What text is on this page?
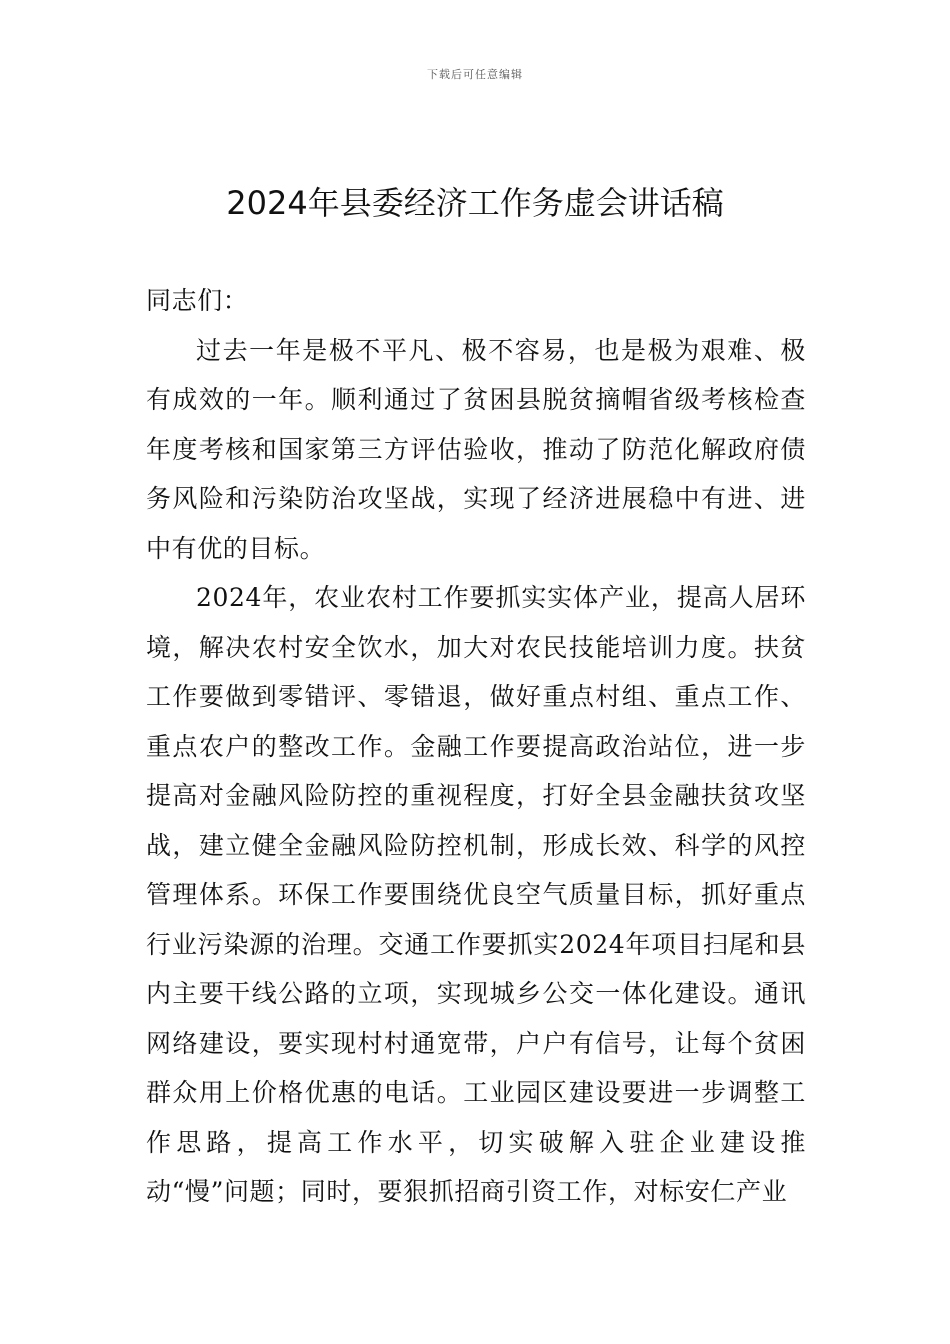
下载后可任意编辑
2024年县委经济工作务虚会讲话稿

同志们：

过去一年是极不平凡、极不容易，也是极为艰难、极有成效的一年。顺利通过了贫困县脱贫摘帽省级考核检查年度考核和国家第三方评估验收，推动了防范化解政府债务风险和污染防治攻坚战，实现了经济进展稳中有进、进中有优的目标。

2024年，农业农村工作要抓实实体产业，提高人居环境，解决农村安全饮水，加大对农民技能培训力度。扶贫工作要做到零错评、零错退，做好重点村组、重点工作、重点农户的整改工作。金融工作要提高政治站位，进一步提高对金融风险防控的重视程度，打好全县金融扶贫攻坚战，建立健全金融风险防控机制，形成长效、科学的风控管理体系。环保工作要围绕优良空气质量目标，抓好重点行业污染源的治理。交通工作要抓实2024年项目扫尾和县内主要干线公路的立项，实现城乡公交一体化建设。通讯网络建设，要实现村村通宽带，户户有信号，让每个贫困群众用上价格优惠的电话。工业园区建设要进一步调整工作思路，提高工作水平，切实破解入驻企业建设推动“慢”问题；同时，要狠抓招商引资工作，对标安仁产业
